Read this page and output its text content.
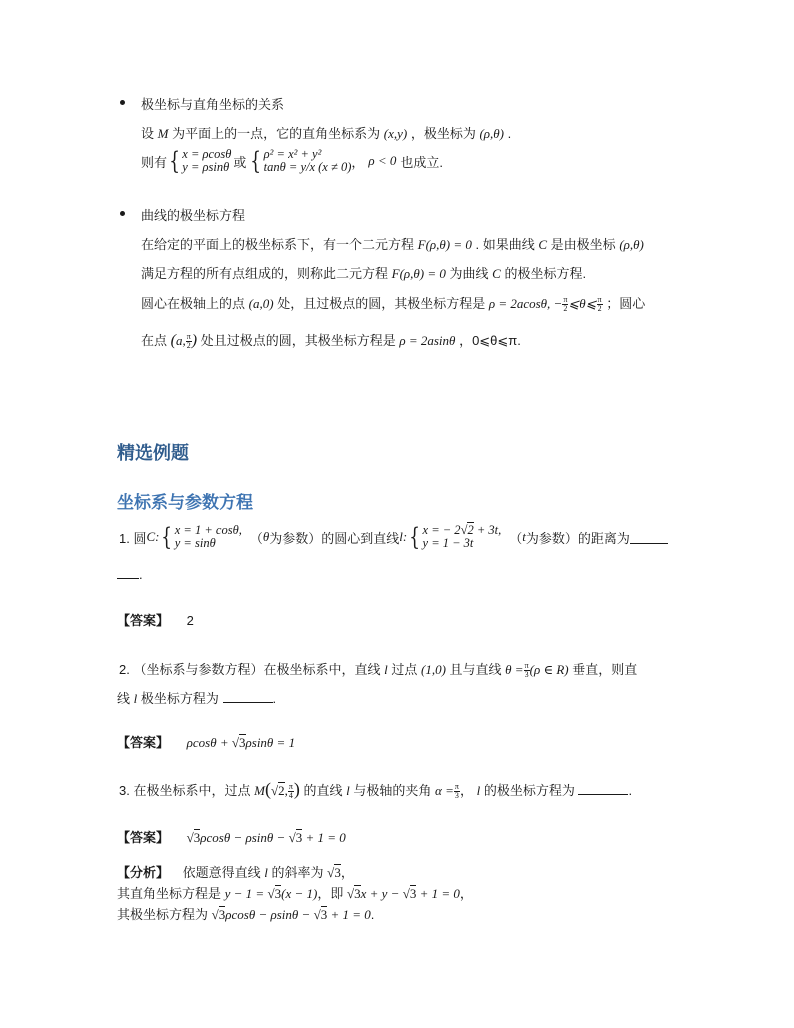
极坐标与直角坐标的关系
设 M 为平面上的一点，它的直角坐标系为 (x,y) ，极坐标为 (ρ,θ) .
则有 { x = ρcosθ
y = ρsinθ 或 { ρ² = x² + y²
tanθ = y/x (x ≠ 0) ， ρ < 0 也成立.
曲线的极坐标方程
在给定的平面上的极坐标系下，有一个二元方程 F(ρ,θ) = 0 . 如果曲线 C 是由极坐标 (ρ,θ)
满足方程的所有点组成的，则称此二元方程 F(ρ,θ) = 0 为曲线 C 的极坐标方程.
圆心在极轴上的点 (a,0) 处，且过极点的圆，其极坐标方程是 ρ = 2acosθ, − $\frac{\pi}{2}$ ⩽θ⩽ $\frac{\pi}{2}$ ；圆心
在点 (a, $\frac{\pi}{2}$ ) 处且过极点的圆，其极坐标方程是 ρ = 2asinθ ，0⩽θ⩽π.
精选例题
坐标系与参数方程
1. 圆 C: { x = 1 + cosθ,
y = sinθ	（ θ 为参数）的圆心到直线 l: { x = − 2√2 + 3t,
y = 1 − 3t	（ t 为参数）的距离为
.
【答案】 2
2. （坐标系与参数方程）在极坐标系中，直线 l 过点 (1,0) 且与直线 $\theta = \frac{\pi}{3} (\rho$ ∈ R) 垂直，则直
线 l 极坐标方程为	.
【答案】 ρcosθ + √3ρsinθ = 1
3. 在极坐标系中，过点 M(√2, $\frac{\pi}{4}$ ) 的直线 l 与极轴的夹角 $\alpha = \frac{\pi}{3}$ ， l 的极坐标方程为	.
【答案】 √3ρcosθ − ρsinθ − √3 + 1 = 0
【分析】 依题意得直线 l 的斜率为 √3，
其直角坐标方程是 y − 1 = √3(x − 1)，即 √3x + y − √3 + 1 = 0，
其极坐标方程为 √3ρcosθ − ρsinθ − √3 + 1 = 0.
